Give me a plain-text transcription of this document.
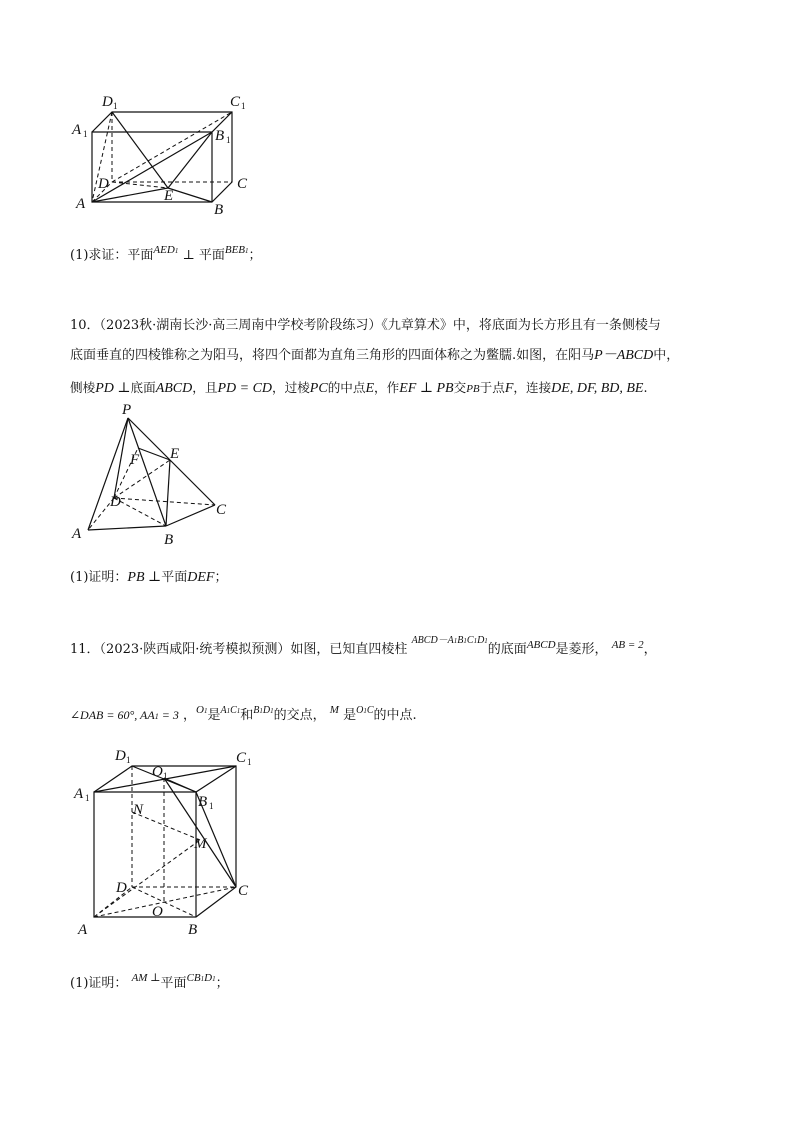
D 1	C 1
A 1	B 1
D	C
A	B
E
(1)求证：平面$^{AED1}$ ⊥ 平面$^{BEB1}$；
10．（2023秋·湖南长沙·高三周南中学校考阶段练习）《九章算术》中，将底面为长方形且有一条侧棱与
底面垂直的四棱锥称之为阳马，将四个面都为直角三角形的四面体称之为鳖臑.如图，在阳马P－ABCD中，
侧棱PD ⊥底面ABCD，且PD = CD，过棱PC的中点E，作EF ⊥ PB交PB于点F，连接DE, DF, BD, BE.
P
F E
D	C
A	B
(1)证明：PB ⊥平面DEF；
11．（2023·陕西咸阳·统考模拟预测）如图，已知直四棱柱 $^{ABCD-A1B1C1D1}$的底面$^{ABCD}$是菱形， $^{AB = 2}$，
∠DAB = 60°, AA1 = 3 ，$^{O1}$是$^{A1C1}$和$^{B1D1}$的交点， $^M$ 是$^{O1C}$的中点.
D 1
O 1
C 1
A 1	B 1
N
M
D	C
O
A	B
(1)证明： $^{AM \perp}$平面$^{CB1D1}$；
